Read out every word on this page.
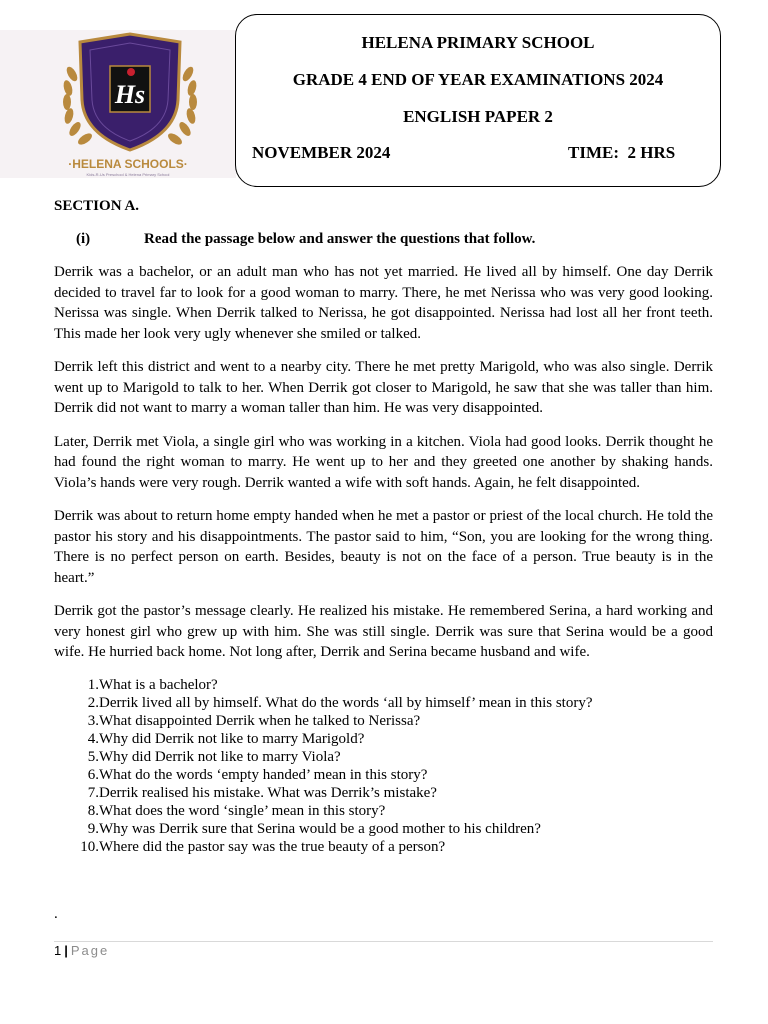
Hs
·HELENA SCHOOLS·
Kids-R-Us Preschool & Helena Primary School
HELENA PRIMARY SCHOOL
GRADE 4 END OF YEAR EXAMINATIONS 2024
ENGLISH PAPER 2
NOVEMBER 2024	TIME:  2 HRS

SECTION A.

(i)	Read the passage below and answer the questions that follow.

Derrik was a bachelor, or an adult man who has not yet married. He lived all by himself. One day Derrik decided to travel far to look for a good woman to marry. There, he met Nerissa who was very good looking. Nerissa was single. When Derrik talked to Nerissa, he got disappointed. Nerissa had lost all her front teeth. This made her look very ugly whenever she smiled or talked.

Derrik left this district and went to a nearby city. There he met pretty Marigold, who was also single. Derrik went up to Marigold to talk to her. When Derrik got closer to Marigold, he saw that she was taller than him. Derrik did not want to marry a woman taller than him. He was very disappointed.

Later, Derrik met Viola, a single girl who was working in a kitchen. Viola had good looks. Derrik thought he had found the right woman to marry. He went up to her and they greeted one another by shaking hands. Viola’s hands were very rough. Derrik wanted a wife with soft hands. Again, he felt disappointed.

Derrik was about to return home empty handed when he met a pastor or priest of the local church. He told the pastor his story and his disappointments. The pastor said to him, “Son, you are looking for the wrong thing. There is no perfect person on earth. Besides, beauty is not on the face of a person. True beauty is in the heart.”

Derrik got the pastor’s message clearly. He realized his mistake. He remembered Serina, a hard working and very honest girl who grew up with him. She was still single. Derrik was sure that Serina would be a good wife. He hurried back home. Not long after, Derrik and Serina became husband and wife.

1. What is a bachelor?
2. Derrik lived all by himself. What do the words ‘all by himself’ mean in this story?
3. What disappointed Derrik when he talked to Nerissa?
4. Why did Derrik not like to marry Marigold?
5. Why did Derrik not like to marry Viola?
6. What do the words ‘empty handed’ mean in this story?
7. Derrik realised his mistake. What was Derrik’s mistake?
8. What does the word ‘single’ mean in this story?
9. Why was Derrik sure that Serina would be a good mother to his children?
10. Where did the pastor say was the true beauty of a person?
.
1 | Page
